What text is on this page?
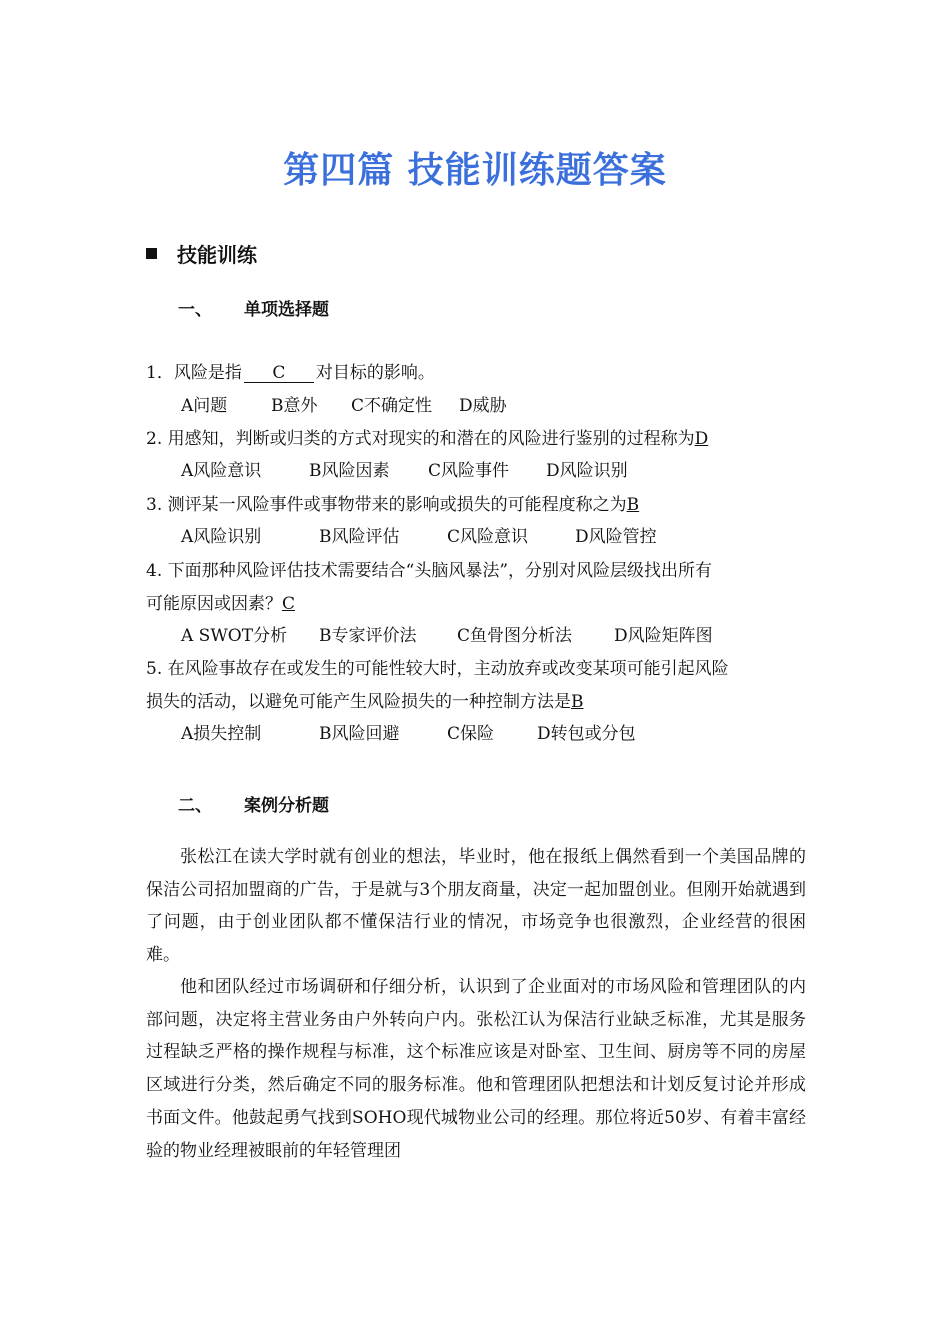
第四篇 技能训练题答案
技能训练
一、 单项选择题
1．风险是指 C 对目标的影响。
A问题	B意外 C不确定性 D威胁
2. 用感知，判断或归类的方式对现实的和潜在的风险进行鉴别的过程称为D
A风险意识	B风险因素 C风险事件 D风险识别
3. 测评某一风险事件或事物带来的影响或损失的可能程度称之为B
A风险识别	B风险评估	C风险意识	D风险管控
4. 下面那种风险评估技术需要结合“头脑风暴法”，分别对风险层级找出所有
可能原因或因素？C
A SWOT分析 B专家评价法 C鱼骨图分析法 D风险矩阵图
5. 在风险事故存在或发生的可能性较大时，主动放弃或改变某项可能引起风险
损失的活动，以避免可能产生风险损失的一种控制方法是B
A损失控制	B风险回避	C保险	D转包或分包
二、 案例分析题

张松江在读大学时就有创业的想法，毕业时，他在报纸上偶然看到一个美国品牌的保洁公司招加盟商的广告，于是就与3个朋友商量，决定一起加盟创业。但刚开始就遇到了问题，由于创业团队都不懂保洁行业的情况，市场竞争也很激烈，企业经营的很困难。

他和团队经过市场调研和仔细分析，认识到了企业面对的市场风险和管理团队的内部问题，决定将主营业务由户外转向户内。张松江认为保洁行业缺乏标准，尤其是服务过程缺乏严格的操作规程与标准，这个标准应该是对卧室、卫生间、厨房等不同的房屋区域进行分类，然后确定不同的服务标准。他和管理团队把想法和计划反复讨论并形成书面文件。他鼓起勇气找到SOHO现代城物业公司的经理。那位将近50岁、有着丰富经验的物业经理被眼前的年轻管理团
